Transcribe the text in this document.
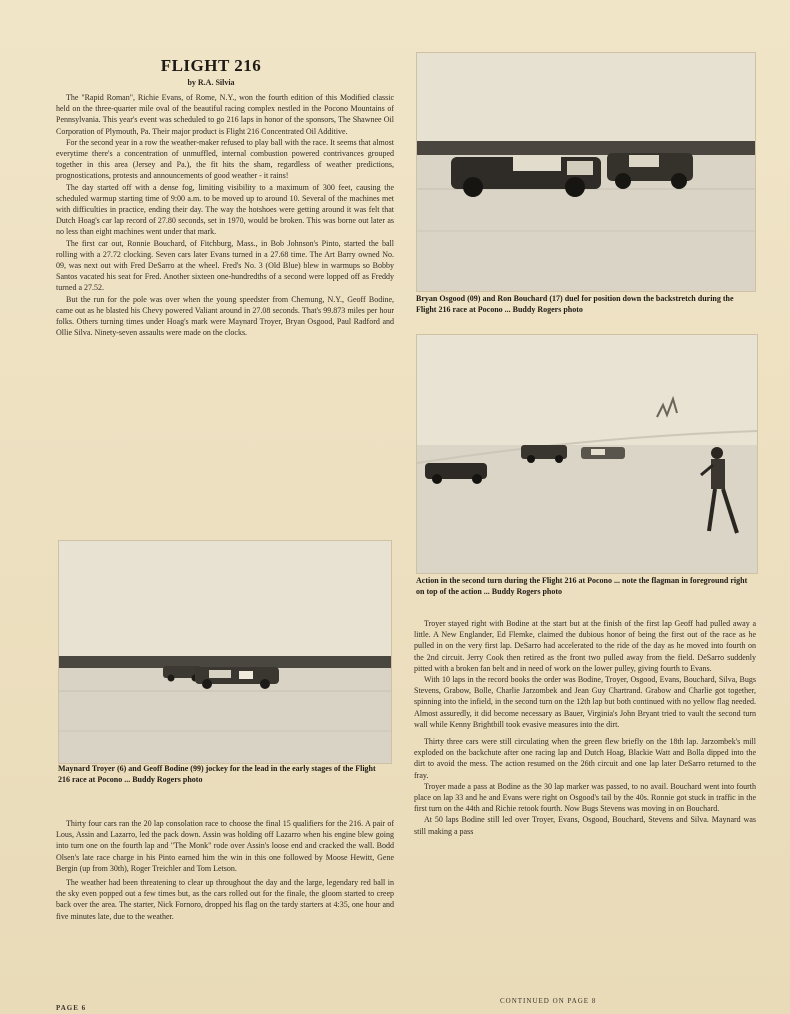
FLIGHT 216
by R.A. Silvia

The "Rapid Roman", Richie Evans, of Rome, N.Y., won the fourth edition of this Modified classic held on the three-quarter mile oval of the beautiful racing complex nestled in the Pocono Mountains of Pennsylvania. This year's event was scheduled to go 216 laps in honor of the sponsors, The Shawnee Oil Corporation of Plymouth, Pa. Their major product is Flight 216 Concentrated Oil Additive.

For the second year in a row the weather-maker refused to play ball with the race. It seems that almost everytime there's a concentration of unmuffled, internal combustion powered contrivances grouped together in this area (Jersey and Pa.), the fit hits the sham, regardless of weather predictions, prognostications, protests and announcements of good weather - it rains!

The day started off with a dense fog, limiting visibility to a maximum of 300 feet, causing the scheduled warmup starting time of 9:00 a.m. to be moved up to around 10. Several of the machines met with difficulties in practice, ending their day. The way the hotshoes were getting around it was felt that Dutch Hoag's car lap record of 27.80 seconds, set in 1970, would be broken. This was borne out later as no less than eight machines went under that mark.

The first car out, Ronnie Bouchard, of Fitchburg, Mass., in Bob Johnson's Pinto, started the ball rolling with a 27.72 clocking. Seven cars later Evans turned in a 27.68 time. The Art Barry owned No. 09, was next out with Fred DeSarro at the wheel. Fred's No. 3 (Old Blue) blew in warmups so Bobby Santos vacated his seat for Fred. Another sixteen one-hundredths of a second were lopped off as Freddy turned a 27.52.

But the run for the pole was over when the young speedster from Chemung, N.Y., Geoff Bodine, came out as he blasted his Chevy powered Valiant around in 27.08 seconds. That's 99.873 miles per hour folks. Others turning times under Hoag's mark were Maynard Troyer, Bryan Osgood, Paul Radford and Ollie Silva. Ninety-seven assaults were made on the clocks.

Maynard Troyer (6) and Geoff Bodine (99) jockey for the lead in the early stages of the Flight 216 race at Pocono ... Buddy Rogers photo

Thirty four cars ran the 20 lap consolation race to choose the final 15 qualifiers for the 216. A pair of Lous, Assin and Lazarro, led the pack down. Assin was holding off Lazarro when his engine blew going into turn one on the fourth lap and "The Monk" rode over Assin's loose end and cracked the wall. Bodd Olsen's late race charge in his Pinto earned him the win in this one followed by Moose Hewitt, Gene Bergin (up from 30th), Roger Treichler and Tom Letson.

The weather had been threatening to clear up throughout the day and the large, legendary red ball in the sky even popped out a few times but, as the cars rolled out for the finale, the gloom started to creep back over the area. The starter, Nick Fornoro, dropped his flag on the tardy starters at 4:35, one hour and five minutes late, due to the weather.

Bryan Osgood (09) and Ron Bouchard (17) duel for position down the backstretch during the Flight 216 race at Pocono ... Buddy Rogers photo
Action in the second turn during the Flight 216 at Pocono ... note the flagman in foreground right on top of the action ... Buddy Rogers photo

Troyer stayed right with Bodine at the start but at the finish of the first lap Geoff had pulled away a little. A New Englander, Ed Flemke, claimed the dubious honor of being the first out of the race as he pulled in on the very first lap. DeSarro had accelerated to the ride of the day as he moved into fourth on the 2nd circuit. Jerry Cook then retired as the front two pulled away from the field. DeSarro suddenly pitted with a broken fan belt and in need of work on the lower pulley, giving fourth to Evans.

With 10 laps in the record books the order was Bodine, Troyer, Osgood, Evans, Bouchard, Silva, Bugs Stevens, Grabow, Bolle, Charlie Jarzombek and Jean Guy Chartrand. Grabow and Charlie got together, spinning into the infield, in the second turn on the 12th lap but both continued with no yellow flag needed. Almost assuredly, it did become necessary as Bauer, Virginia's John Bryant tried to vault the second turn wall while Kenny Brightbill took evasive measures into the dirt.

Thirty three cars were still circulating when the green flew briefly on the 18th lap. Jarzombek's mill exploded on the backchute after one racing lap and Dutch Hoag, Blackie Watt and Bolla dipped into the dirt to avoid the mess. The action resumed on the 26th circuit and one lap later DeSarro returned to the fray.

Troyer made a pass at Bodine as the 30 lap marker was passed, to no avail. Bouchard went into fourth place on lap 33 and he and Evans were right on Osgood's tail by the 40s. Ronnie got stuck in traffic in the first turn on the 44th and Richie retook fourth. Now Bugs Stevens was moving in on Bouchard.

At 50 laps Bodine still led over Troyer, Evans, Osgood, Bouchard, Stevens and Silva. Maynard was still making a pass

CONTINUED ON PAGE 8
PAGE 6
